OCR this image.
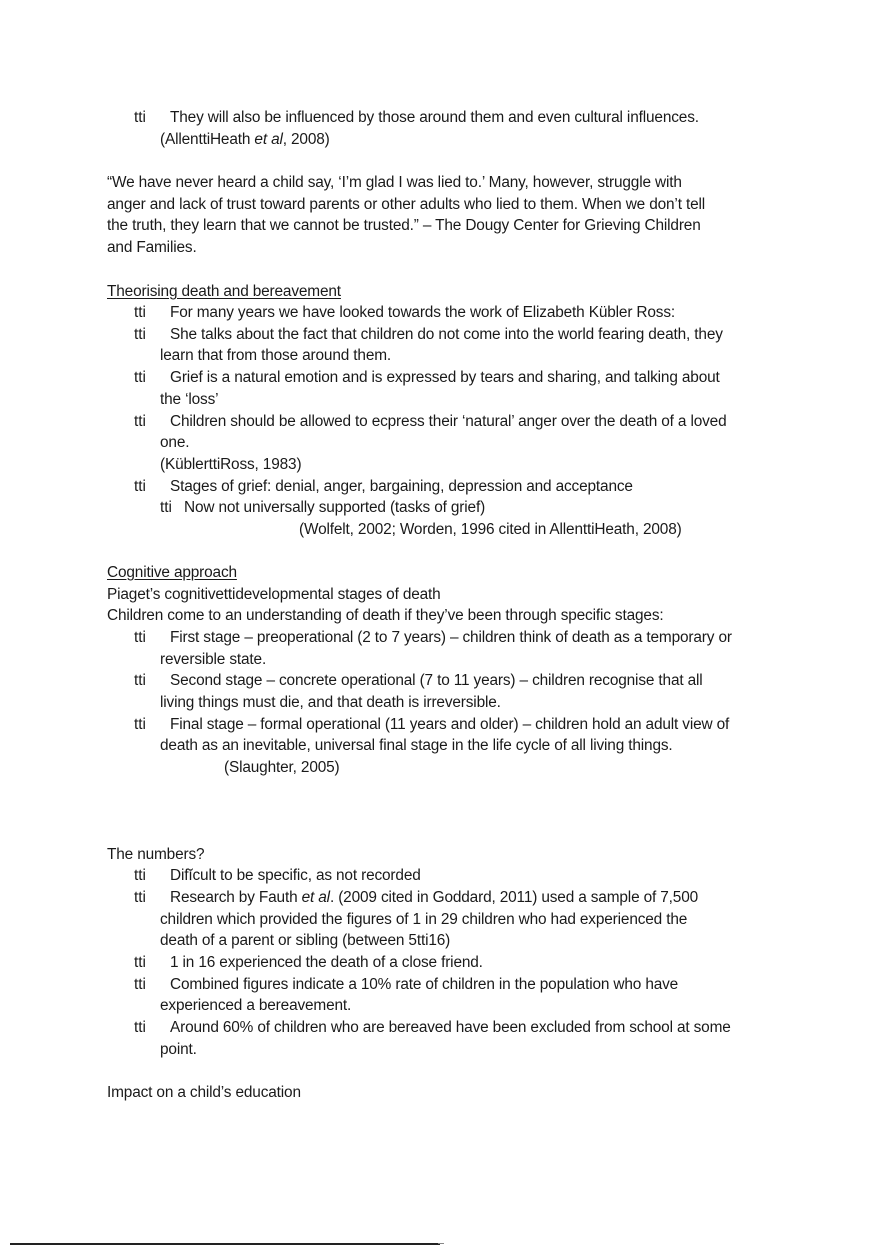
tti They will also be influenced by those around them and even cultural influences.
(AllenttiHeath et al, 2008)
“We have never heard a child say, ‘I’m glad I was lied to.’ Many, however, struggle with
anger and lack of trust toward parents or other adults who lied to them. When we don’t tell
the truth, they learn that we cannot be trusted.” – The Dougy Center for Grieving Children
and Families.
Theorising death and bereavement
tti For many years we have looked towards the work of Elizabeth Kübler Ross:
tti She talks about the fact that children do not come into the world fearing death, they
learn that from those around them.
tti Grief is a natural emotion and is expressed by tears and sharing, and talking about
the ‘loss’
tti Children should be allowed to ecpress their ‘natural’ anger over the death of a loved
one.
(KüblerttiRoss, 1983)
tti Stages of grief: denial, anger, bargaining, depression and acceptance
tti Now not universally supported (tasks of grief)
(Wolfelt, 2002; Worden, 1996 cited in AllenttiHeath, 2008)
Cognitive approach
Piaget’s cognitivettidevelopmental stages of death
Children come to an understanding of death if they’ve been through specific stages:
tti First stage – preoperational (2 to 7 years) – children think of death as a temporary or
reversible state.
tti Second stage – concrete operational (7 to 11 years) – children recognise that all
living things must die, and that death is irreversible.
tti Final stage – formal operational (11 years and older) – children hold an adult view of
death as an inevitable, universal final stage in the life cycle of all living things.
(Slaughter, 2005)
The numbers?
tti Difĭcult to be specific, as not recorded
tti Research by Fauth et al. (2009 cited in Goddard, 2011) used a sample of 7,500
children which provided the figures of 1 in 29 children who had experienced the
death of a parent or sibling (between 5tti16)
tti 1 in 16 experienced the death of a close friend.
tti Combined figures indicate a 10% rate of children in the population who have
experienced a bereavement.
tti Around 60% of children who are bereaved have been excluded from school at some
point.
Impact on a child’s education
